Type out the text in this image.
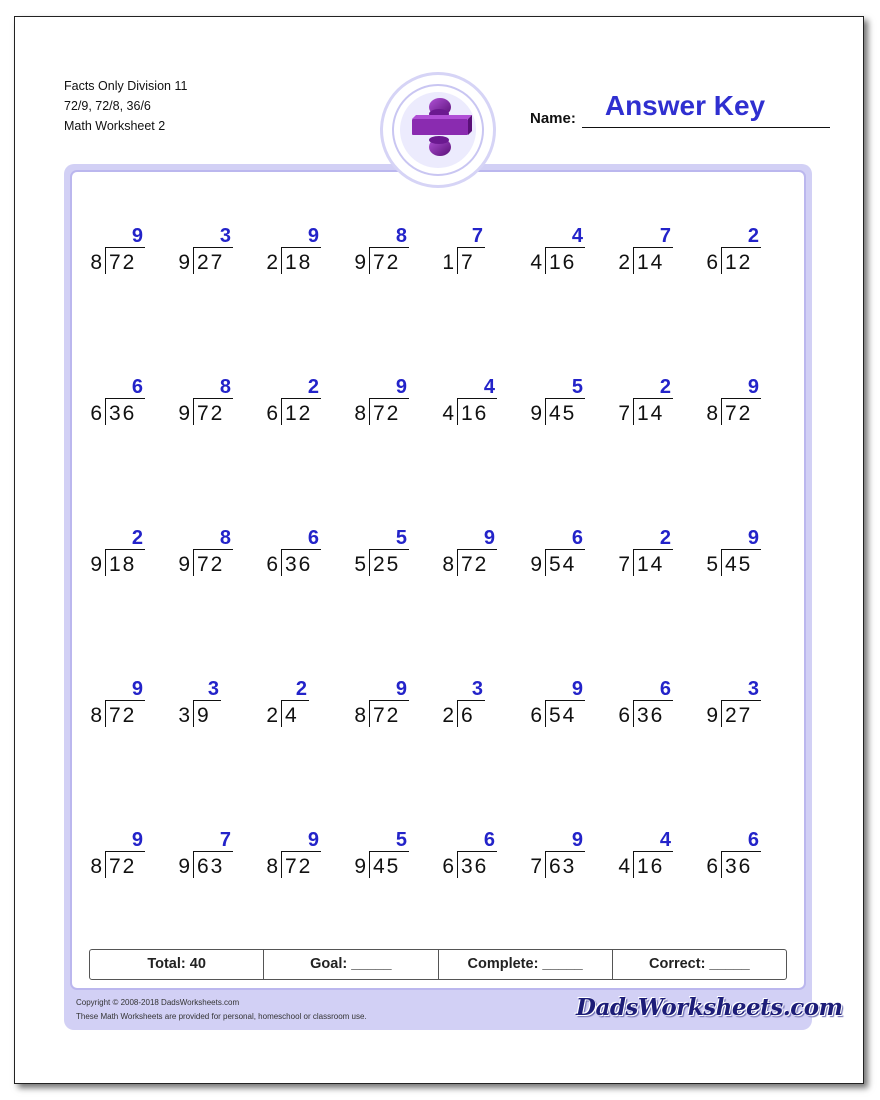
Facts Only Division 11
72/9, 72/8, 36/6
Math Worksheet 2	Name:	Answer Key
9
8 72
3
9 27
9
2 18
8
9 72
7
1 7
4
4 16
7
2 14
2
6 12
6
6 36
8
9 72
2
6 12
9
8 72
4
4 16
5
9 45
2
7 14
9
8 72
2
9 18
8
9 72
6
6 36
5
5 25
9
8 72
6
9 54
2
7 14
9
5 45
9
8 72
3
3 9
2
2 4
9
8 72
3
2 6
9
6 54
6
6 36
3
9 27
9
8 72
7
9 63
9
8 72
5
9 45
6
6 36
9
7 63
4
4 16
6
6 36
Total: 40	Goal: _____	Complete: _____	Correct: _____
Copyright © 2008-2018 DadsWorksheets.com
These Math Worksheets are provided for personal, homeschool or classroom use.	DadsWorksheets.com
